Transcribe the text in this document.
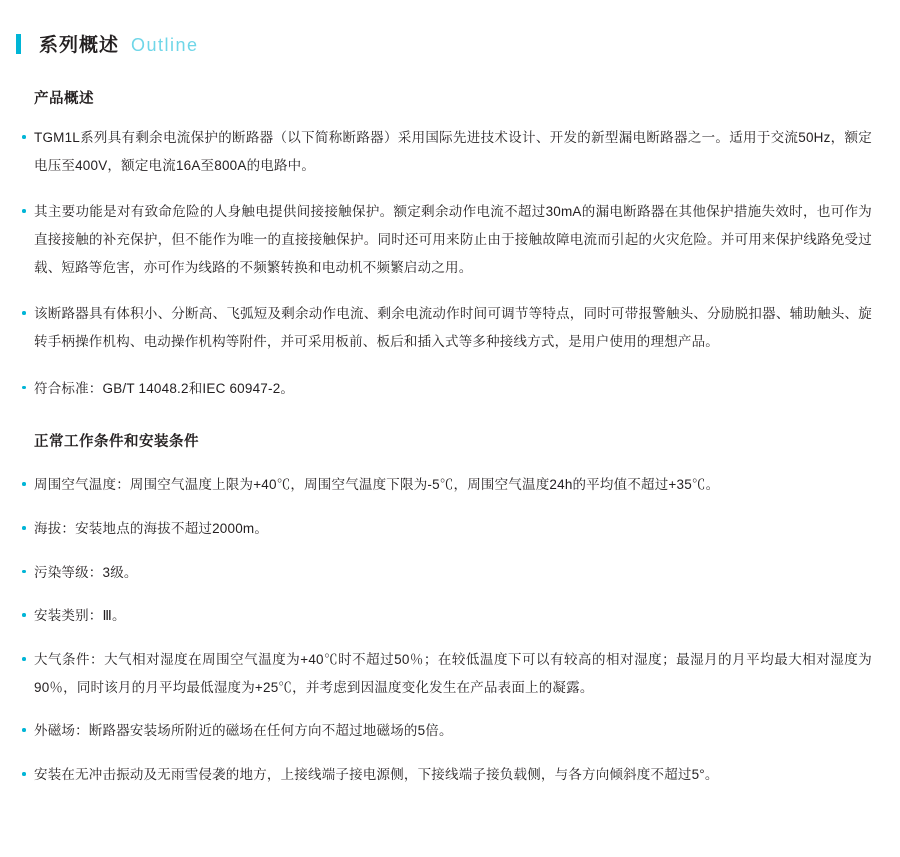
系列概述 Outline
产品概述
TGM1L系列具有剩余电流保护的断路器（以下简称断路器）采用国际先进技术设计、开发的新型漏电断路器之一。适用于交流50Hz，额定电压至400V，额定电流16A至800A的电路中。
其主要功能是对有致命危险的人身触电提供间接接触保护。额定剩余动作电流不超过30mA的漏电断路器在其他保护措施失效时，也可作为直接接触的补充保护，但不能作为唯一的直接接触保护。同时还可用来防止由于接触故障电流而引起的火灾危险。并可用来保护线路免受过载、短路等危害，亦可作为线路的不频繁转换和电动机不频繁启动之用。
该断路器具有体积小、分断高、飞弧短及剩余动作电流、剩余电流动作时间可调节等特点，同时可带报警触头、分励脱扣器、辅助触头、旋转手柄操作机构、电动操作机构等附件，并可采用板前、板后和插入式等多种接线方式，是用户使用的理想产品。
符合标准：GB/T 14048.2和IEC 60947-2。
正常工作条件和安装条件
周围空气温度：周围空气温度上限为+40℃，周围空气温度下限为-5℃，周围空气温度24h的平均值不超过+35℃。
海拔：安装地点的海拔不超过2000m。
污染等级：3级。
安装类别：Ⅲ。
大气条件：大气相对湿度在周围空气温度为+40℃时不超过50％；在较低温度下可以有较高的相对湿度；最湿月的月平均最大相对湿度为90％，同时该月的月平均最低湿度为+25℃，并考虑到因温度变化发生在产品表面上的凝露。
外磁场：断路器安装场所附近的磁场在任何方向不超过地磁场的5倍。
安装在无冲击振动及无雨雪侵袭的地方，上接线端子接电源侧，下接线端子接负载侧，与各方向倾斜度不超过5°。
